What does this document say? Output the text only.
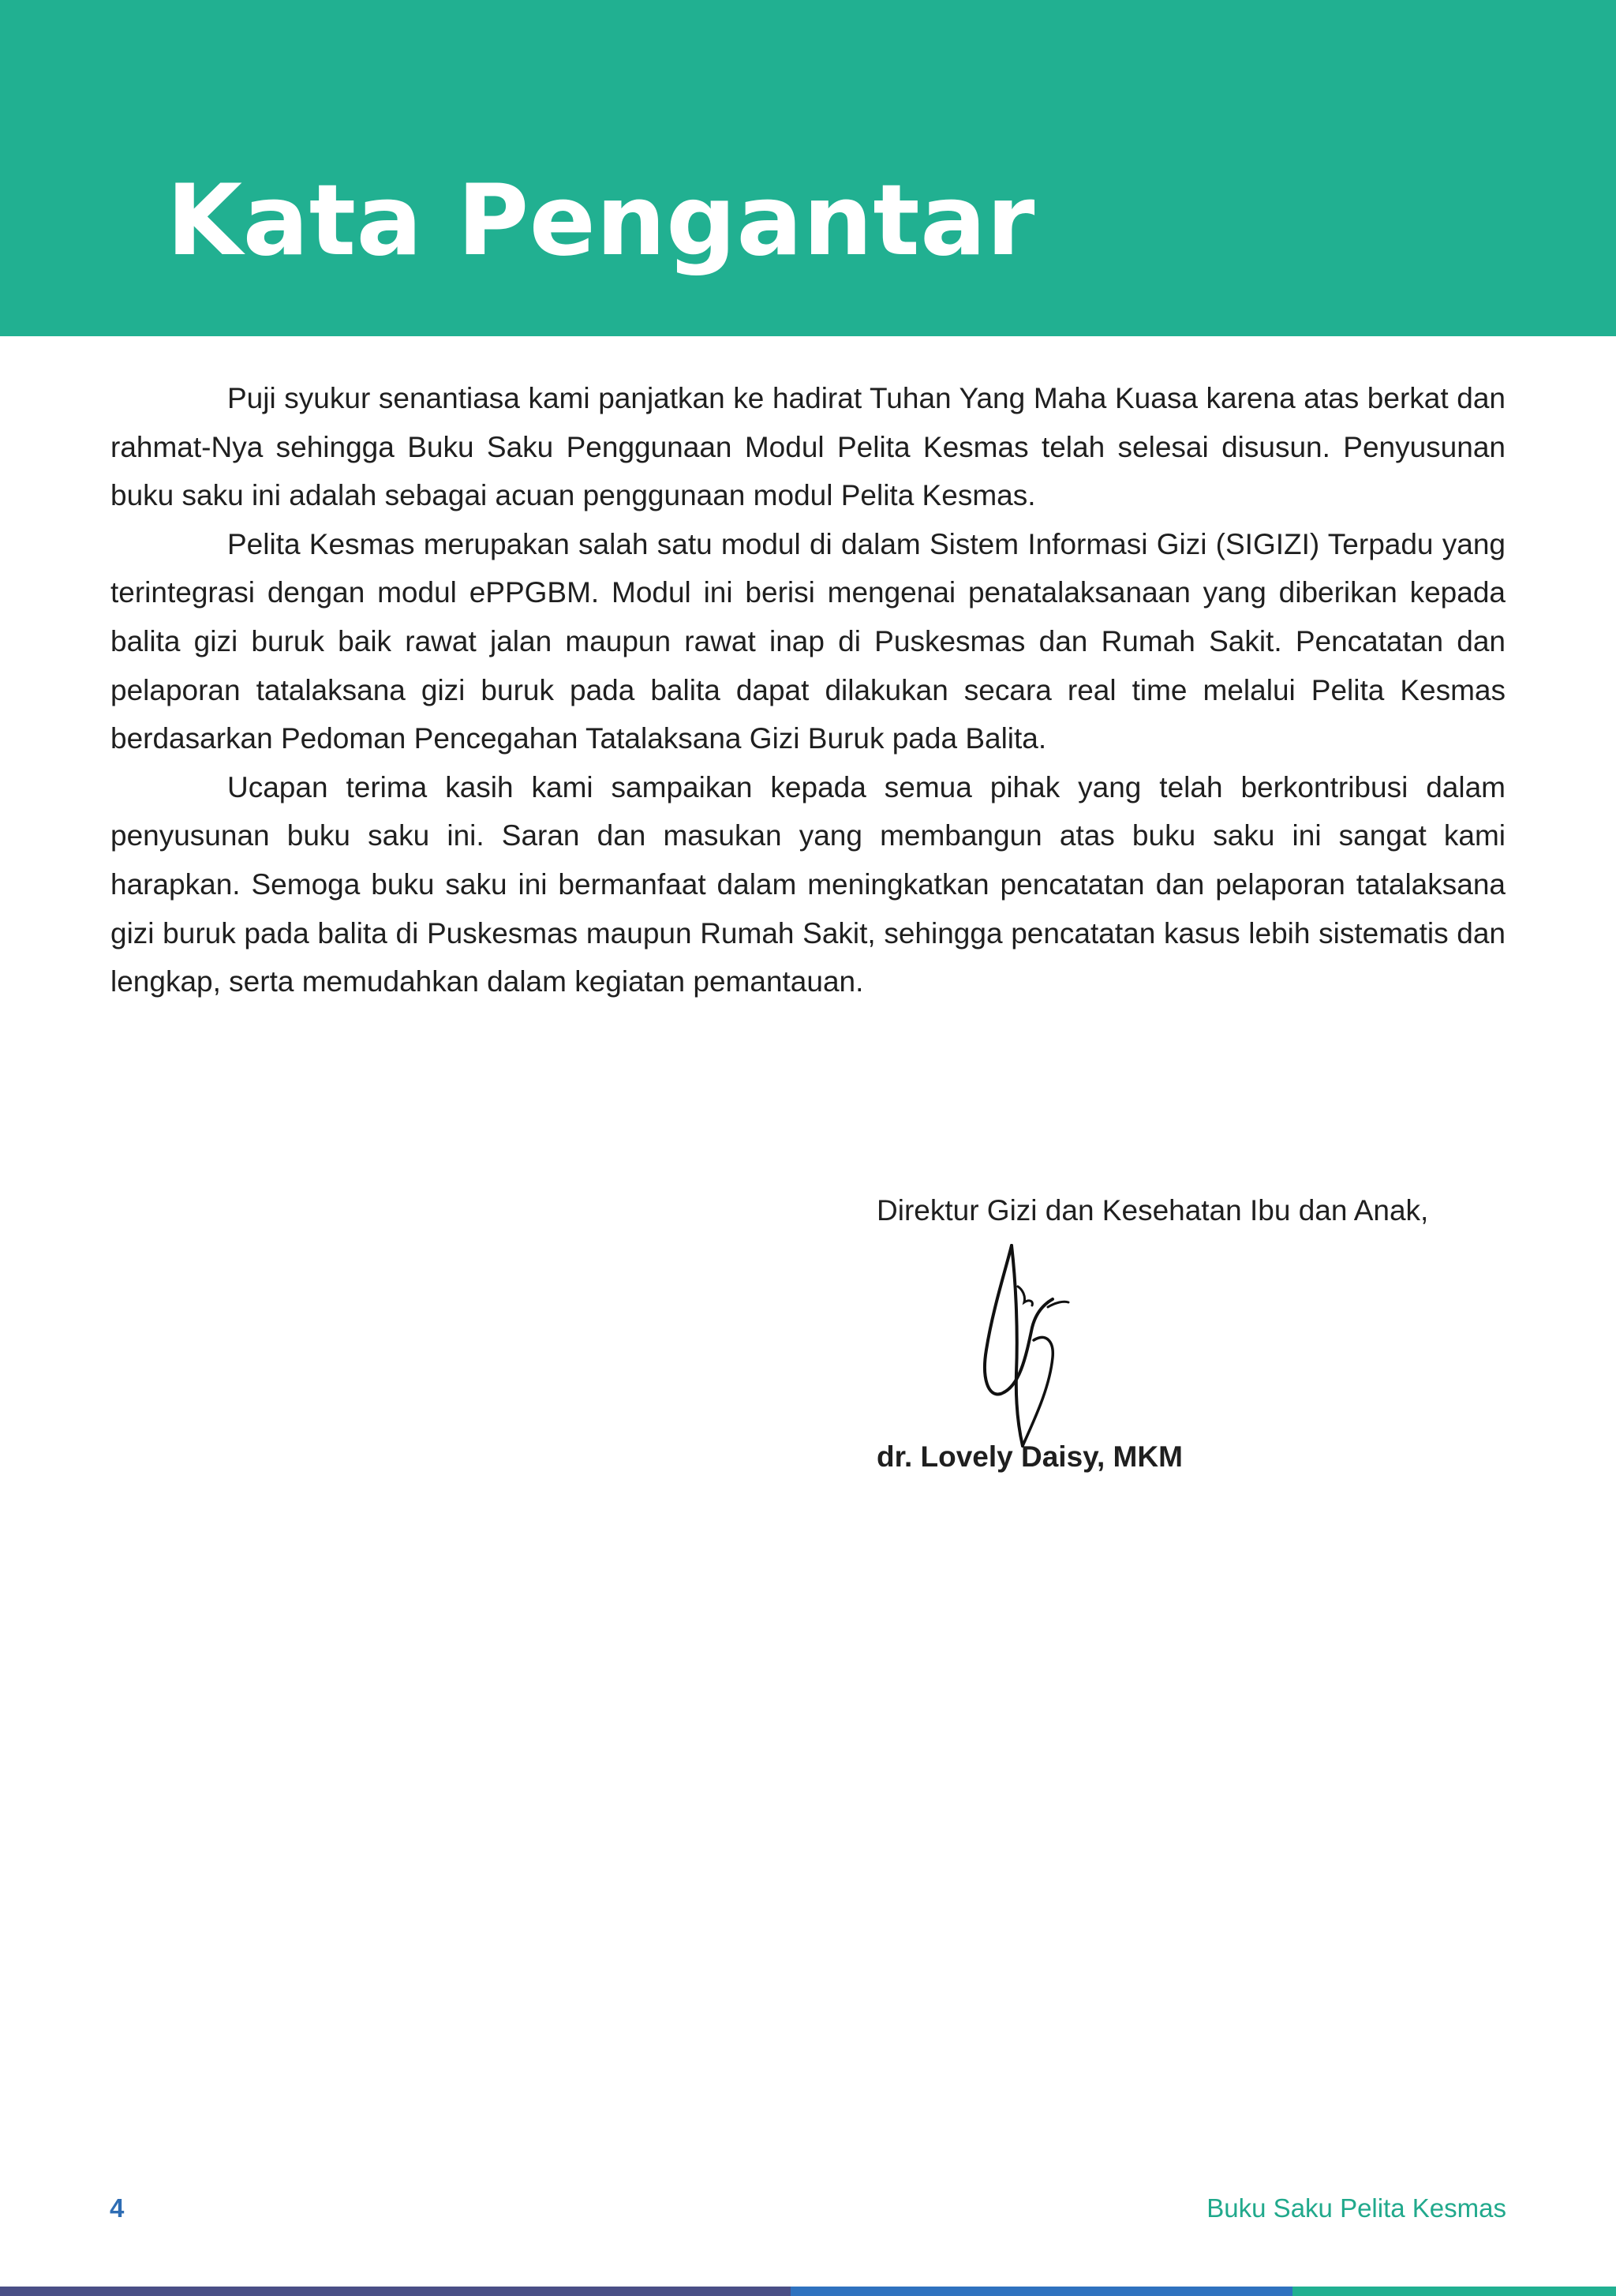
Kata Pengantar

Puji syukur senantiasa kami panjatkan ke hadirat Tuhan Yang Maha Kuasa karena atas berkat dan rahmat-Nya sehingga Buku Saku Penggunaan Modul Pelita Kesmas telah selesai disusun. Penyusunan buku saku ini adalah sebagai acuan penggunaan modul Pelita Kesmas.

Pelita Kesmas merupakan salah satu modul di dalam Sistem Informasi Gizi (SIGIZI) Terpadu yang terintegrasi dengan modul ePPGBM. Modul ini berisi mengenai penatalaksanaan yang diberikan kepada balita gizi buruk baik rawat jalan maupun rawat inap di Puskesmas dan Rumah Sakit. Pencatatan dan pelaporan tatalaksana gizi buruk pada balita dapat dilakukan secara real time melalui Pelita Kesmas berdasarkan Pedoman Pencegahan Tatalaksana Gizi Buruk pada Balita.

Ucapan terima kasih kami sampaikan kepada semua pihak yang telah berkontribusi dalam penyusunan buku saku ini. Saran dan masukan yang membangun atas buku saku ini sangat kami harapkan. Semoga buku saku ini bermanfaat dalam meningkatkan pencatatan dan pelaporan tatalaksana gizi buruk pada balita di Puskesmas maupun Rumah Sakit, sehingga pencatatan kasus lebih sistematis dan lengkap, serta memudahkan dalam kegiatan pemantauan.

Direktur Gizi dan Kesehatan Ibu dan Anak,
dr. Lovely Daisy, MKM
4	Buku Saku Pelita Kesmas
